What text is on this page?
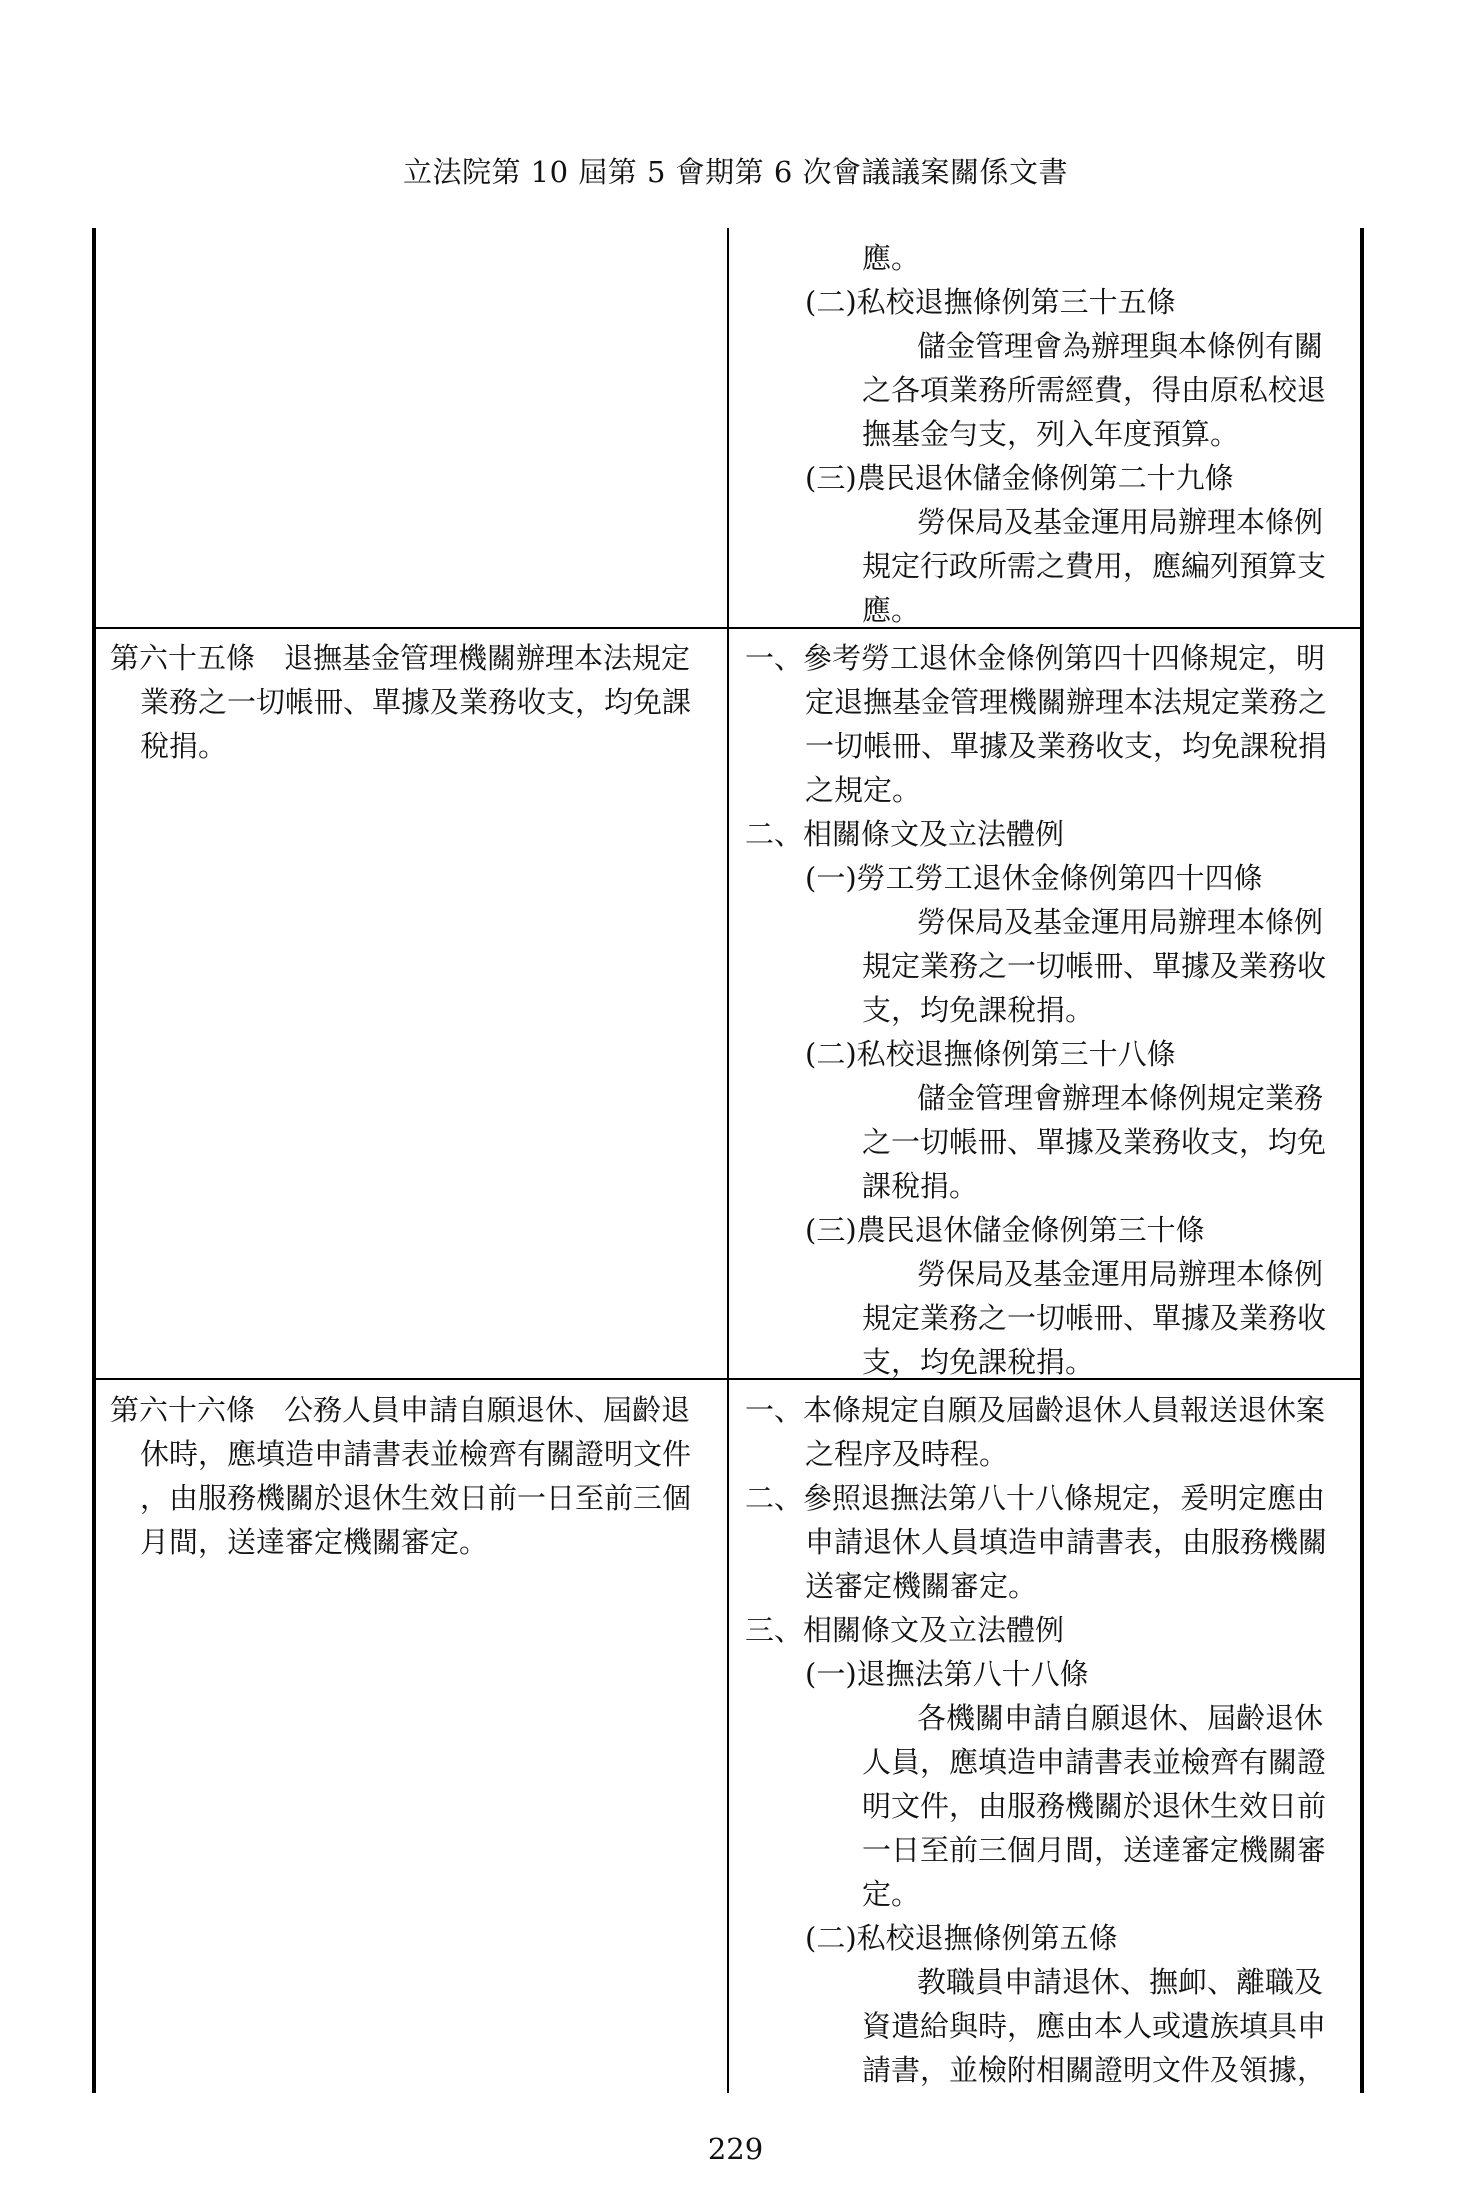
立法院第 10 屆第 5 會期第 6 次會議議案關係文書
應。
(二)私校退撫條例第三十五條
儲金管理會為辦理與本條例有關
之各項業務所需經費，得由原私校退
撫基金勻支，列入年度預算。
(三)農民退休儲金條例第二十九條
勞保局及基金運用局辦理本條例
規定行政所需之費用，應編列預算支
應。
第六十五條　退撫基金管理機關辦理本法規定
業務之一切帳冊、單據及業務收支，均免課
稅捐。
一、參考勞工退休金條例第四十四條規定，明
定退撫基金管理機關辦理本法規定業務之
一切帳冊、單據及業務收支，均免課稅捐
之規定。
二、相關條文及立法體例
(一)勞工勞工退休金條例第四十四條
勞保局及基金運用局辦理本條例
規定業務之一切帳冊、單據及業務收
支，均免課稅捐。
(二)私校退撫條例第三十八條
儲金管理會辦理本條例規定業務
之一切帳冊、單據及業務收支，均免
課稅捐。
(三)農民退休儲金條例第三十條
勞保局及基金運用局辦理本條例
規定業務之一切帳冊、單據及業務收
支，均免課稅捐。
第六十六條　公務人員申請自願退休、屆齡退
休時，應填造申請書表並檢齊有關證明文件
，由服務機關於退休生效日前一日至前三個
月間，送達審定機關審定。
一、本條規定自願及屆齡退休人員報送退休案
之程序及時程。
二、參照退撫法第八十八條規定，爰明定應由
申請退休人員填造申請書表，由服務機關
送審定機關審定。
三、相關條文及立法體例
(一)退撫法第八十八條
各機關申請自願退休、屆齡退休
人員，應填造申請書表並檢齊有關證
明文件，由服務機關於退休生效日前
一日至前三個月間，送達審定機關審
定。
(二)私校退撫條例第五條
教職員申請退休、撫卹、離職及
資遣給與時，應由本人或遺族填具申
請書，並檢附相關證明文件及領據，
229
